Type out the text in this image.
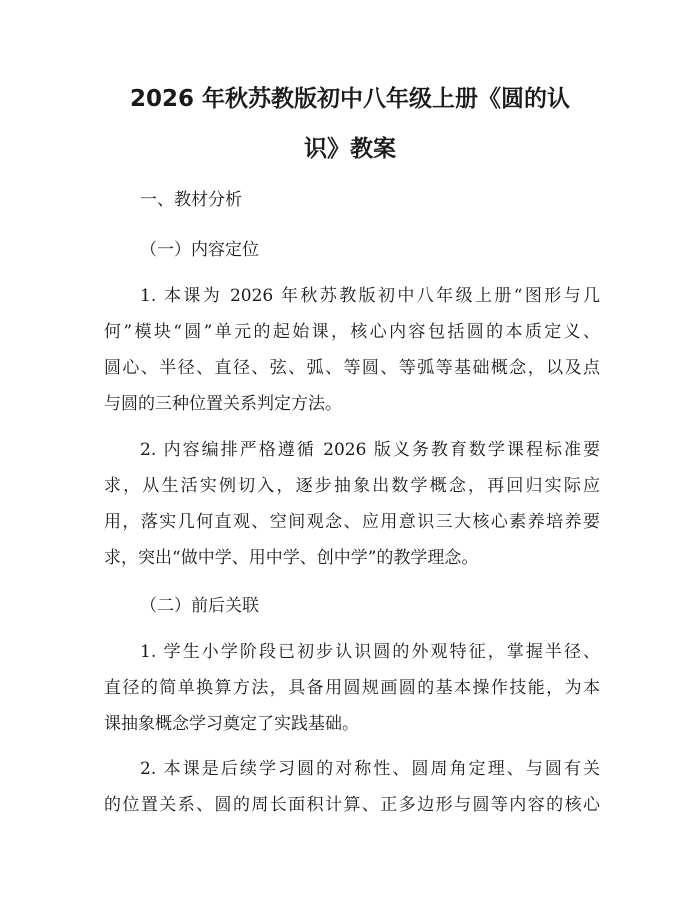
2026 年秋苏教版初中八年级上册《圆的认
识》教案

一、教材分析

（一）内容定位

1. 本课为 2026 年秋苏教版初中八年级上册“图形与几
何”模块“圆”单元的起始课，核心内容包括圆的本质定义、
圆心、半径、直径、弦、弧、等圆、等弧等基础概念，以及点
与圆的三种位置关系判定方法。
2. 内容编排严格遵循 2026 版义务教育数学课程标准要
求，从生活实例切入，逐步抽象出数学概念，再回归实际应
用，落实几何直观、空间观念、应用意识三大核心素养培养要
求，突出“做中学、用中学、创中学”的教学理念。

（二）前后关联

1. 学生小学阶段已初步认识圆的外观特征，掌握半径、
直径的简单换算方法，具备用圆规画圆的基本操作技能，为本
课抽象概念学习奠定了实践基础。
2. 本课是后续学习圆的对称性、圆周角定理、与圆有关
的位置关系、圆的周长面积计算、正多边形与圆等内容的核心
